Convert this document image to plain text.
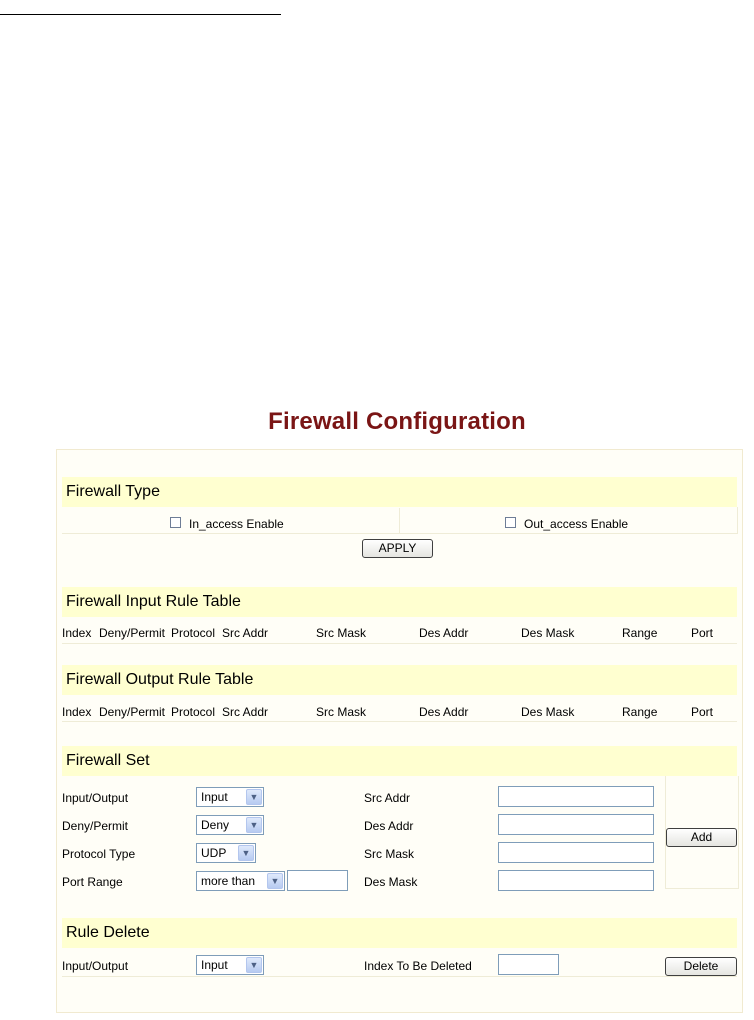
Firewall Configuration
Firewall Type
In_access Enable	Out_access Enable
APPLY
Firewall Input Rule Table
Index Deny/Permit Protocol Src Addr	Src Mask	Des Addr	Des Mask	Range	Port
Firewall Output Rule Table
Index Deny/Permit Protocol Src Addr	Src Mask	Des Addr	Des Mask	Range	Port
Firewall Set
Input/Output	Input	▼	Src Addr
Deny/Permit	Deny	▼	Des Addr
Add
Protocol Type	UDP	▼	Src Mask
Port Range	more than	▼	Des Mask
Rule Delete
Input/Output	Input	▼	Index To Be Deleted	Delete
